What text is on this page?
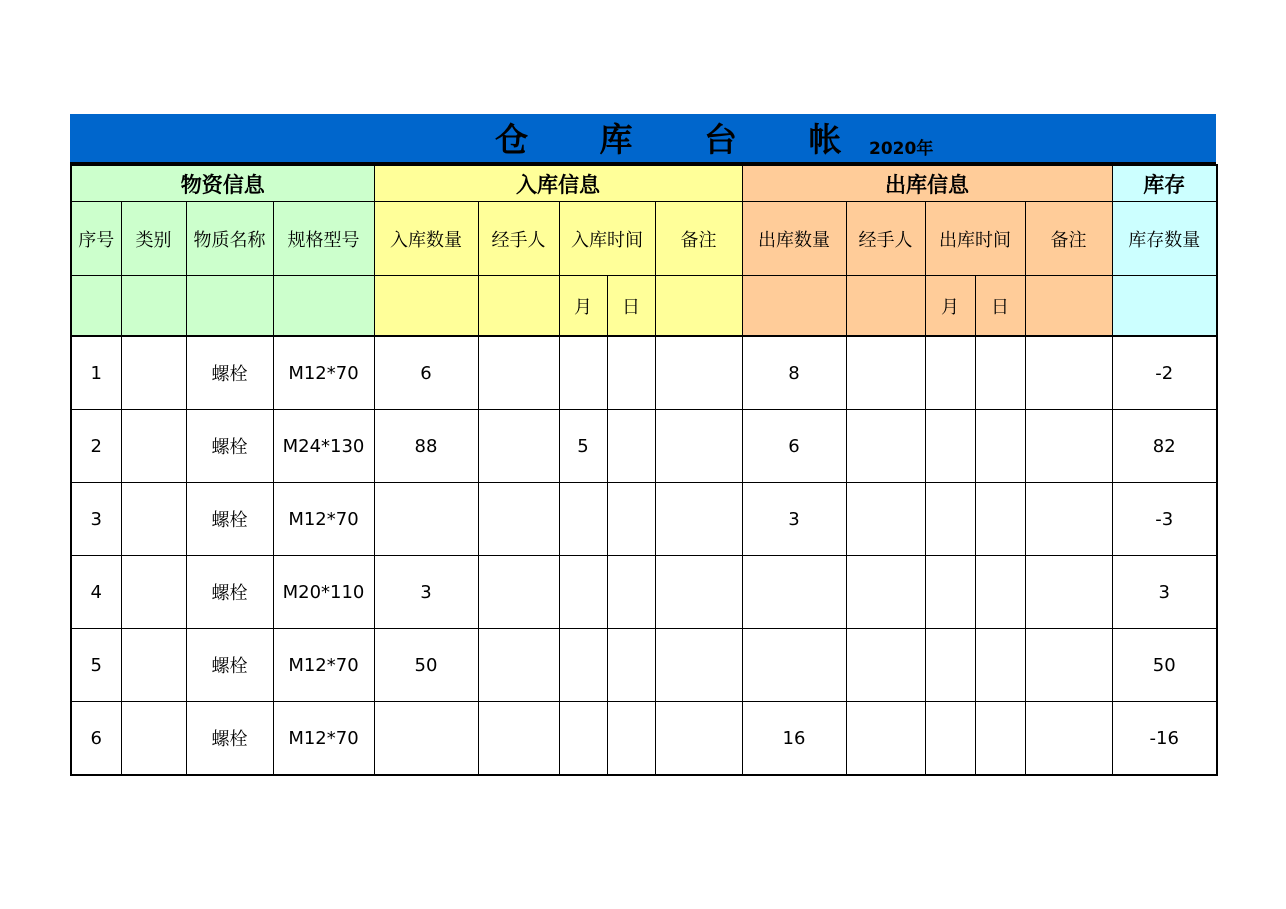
仓 库 台 帐
2020年
物资信息				入库信息					出库信息					库存
序号	类别	物质名称	规格型号	入库数量	经手人	入库时间		备注	出库数量	经手人	出库时间		备注	库存数量
						月	日				月	日		
1		螺栓	M12*70	6					8					-2
2		螺栓	M24*130	88		5			6					82
3		螺栓	M12*70						3					-3
4		螺栓	M20*110	3										3
5		螺栓	M12*70	50										50
6		螺栓	M12*70						16					-16
